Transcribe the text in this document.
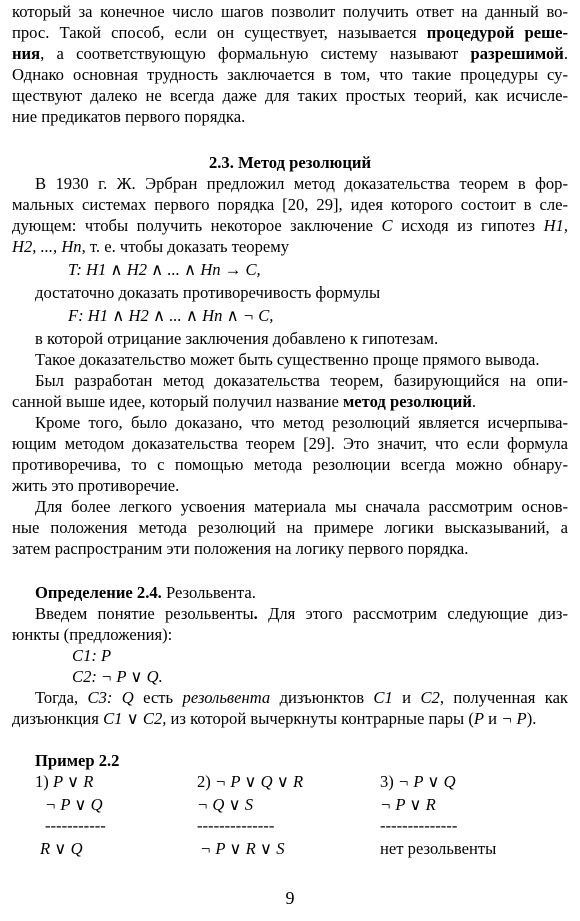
который за конечное число шагов позволит получить ответ на данный во-
прос. Такой способ, если он существует, называется процедурой реше-
ния, а соответствующую формальную систему называют разрешимой.
Однако основная трудность заключается в том, что такие процедуры су-
ществуют далеко не всегда даже для таких простых теорий, как исчисле-
ние предикатов первого порядка.
2.3. Метод резолюций
В 1930 г. Ж. Эрбран предложил метод доказательства теорем в фор-
мальных системах первого порядка [20, 29], идея которого состоит в сле-
дующем: чтобы получить некоторое заключение C исходя из гипотез H1,
H2, ..., Hn, т. е. чтобы доказать теорему
T: H1 ∧ H2 ∧ ... ∧ Hn → C,
достаточно доказать противоречивость формулы
F: H1 ∧ H2 ∧ ... ∧ Hn ∧ ¬ C,
в которой отрицание заключения добавлено к гипотезам.
Такое доказательство может быть существенно проще прямого вывода.
Был разработан метод доказательства теорем, базирующийся на опи-
санной выше идее, который получил название метод резолюций.
Кроме того, было доказано, что метод резолюций является исчерпыва-
ющим методом доказательства теорем [29]. Это значит, что если формула
противоречива, то с помощью метода резолюции всегда можно обнару-
жить это противоречие.
Для более легкого усвоения материала мы сначала рассмотрим основ-
ные положения метода резолюций на примере логики высказываний, а
затем распространим эти положения на логику первого порядка.
Определение 2.4. Резольвента.
Введем понятие резольвенты. Для этого рассмотрим следующие диз-
юнкты (предложения):
C1: P
C2: ¬ P ∨ Q.
Тогда, C3: Q есть резольвента дизъюнктов C1 и C2, полученная как
дизъюнкция C1 ∨ C2, из которой вычеркнуты контрарные пары (P и ¬ P).
Пример 2.2
1) P ∨ R
¬ P ∨ Q
-----------
R ∨ Q
2) ¬ P ∨ Q ∨ R
¬ Q ∨ S
--------------
¬ P ∨ R ∨ S
3) ¬ P ∨ Q
¬ P ∨ R
--------------
нет резольвенты
9
